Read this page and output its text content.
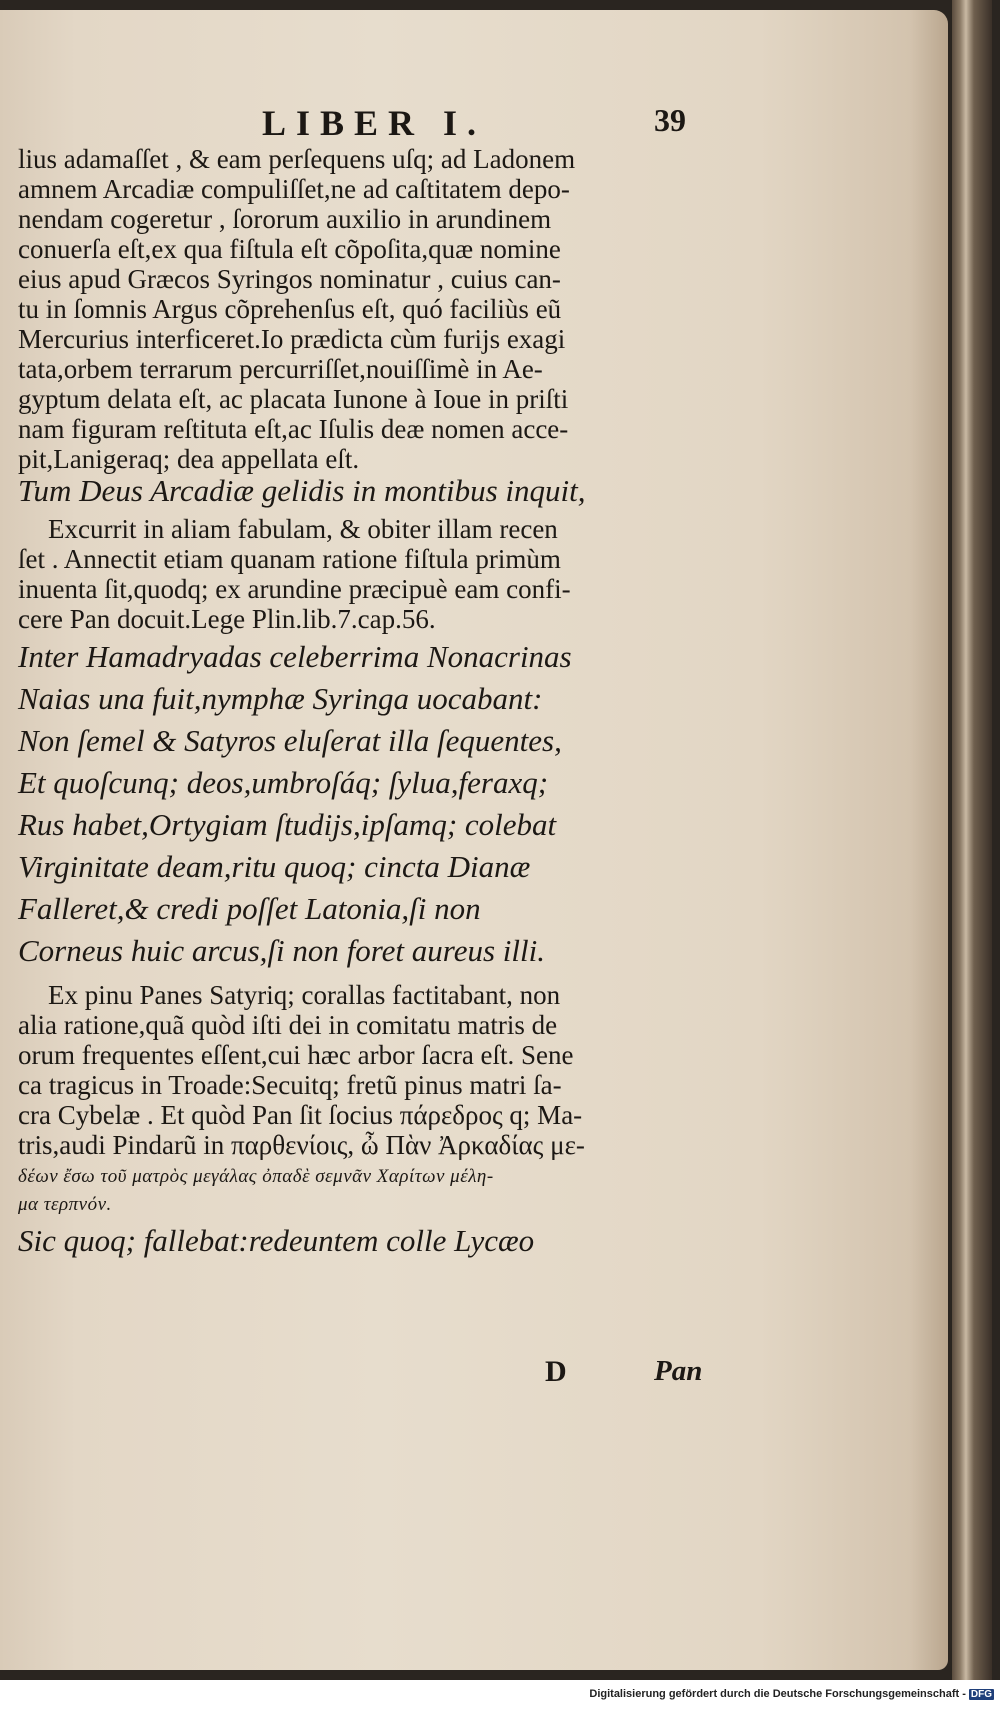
LIBER I.	39
lius adamaſſet , & eam perſequens uſq; ad Ladonem
amnem Arcadiæ compuliſſet,ne ad caſtitatem depo-
nendam cogeretur , ſororum auxilio in arundinem
conuerſa eſt,ex qua fiſtula eſt cõpoſita,quæ nomine
eius apud Græcos Syringos nominatur , cuius can-
tu in ſomnis Argus cõprehenſus eſt, quó faciliùs eũ
Mercurius interficeret.Io prædicta cùm furijs exagi
tata,orbem terrarum percurriſſet,nouiſſimè in Ae-
gyptum delata eſt, ac placata Iunone à Ioue in priſti
nam figuram reſtituta eſt,ac Iſulis deæ nomen acce-
pit,Lanigeraq; dea appellata eſt.
Tum Deus Arcadiæ gelidis in montibus inquit,
Excurrit in aliam fabulam, & obiter illam recen
ſet . Annectit etiam quanam ratione fiſtula primùm
inuenta ſit,quodq; ex arundine præcipuè eam confi-
cere Pan docuit.Lege Plin.lib.7.cap.56.
Inter Hamadryadas celeberrima Nonacrinas
Naias una fuit,nymphæ Syringa uocabant:
Non ſemel & Satyros eluſerat illa ſequentes,
Et quoſcunq; deos,umbroſáq; ſylua,feraxq;
Rus habet,Ortygiam ſtudijs,ipſamq; colebat
Virginitate deam,ritu quoq; cincta Dianæ
Falleret,& credi poſſet Latonia,ſi non
Corneus huic arcus,ſi non foret aureus illi.
Ex pinu Panes Satyriq; corallas factitabant, non
alia ratione,quã quòd iſti dei in comitatu matris de
orum frequentes eſſent,cui hæc arbor ſacra eſt. Sene
ca tragicus in Troade:Secuitq; fretũ pinus matri ſa-
cra Cybelæ . Et quòd Pan ſit ſocius πάρεδρος q; Ma-
tris,audi Pindarũ in παρθενίοις, ὦ Πὰν Ἀρκαδίας με-
δέων ἔσω τοῦ ματρὸς μεγάλας ὀπαδὲ σεμνᾶν Χαρίτων μέλη-
μα τερπνόν.
Sic quoq; fallebat:redeuntem colle Lycæo
D	Pan
Digitalisierung gefördert durch die Deutsche Forschungsgemeinschaft - DFG
